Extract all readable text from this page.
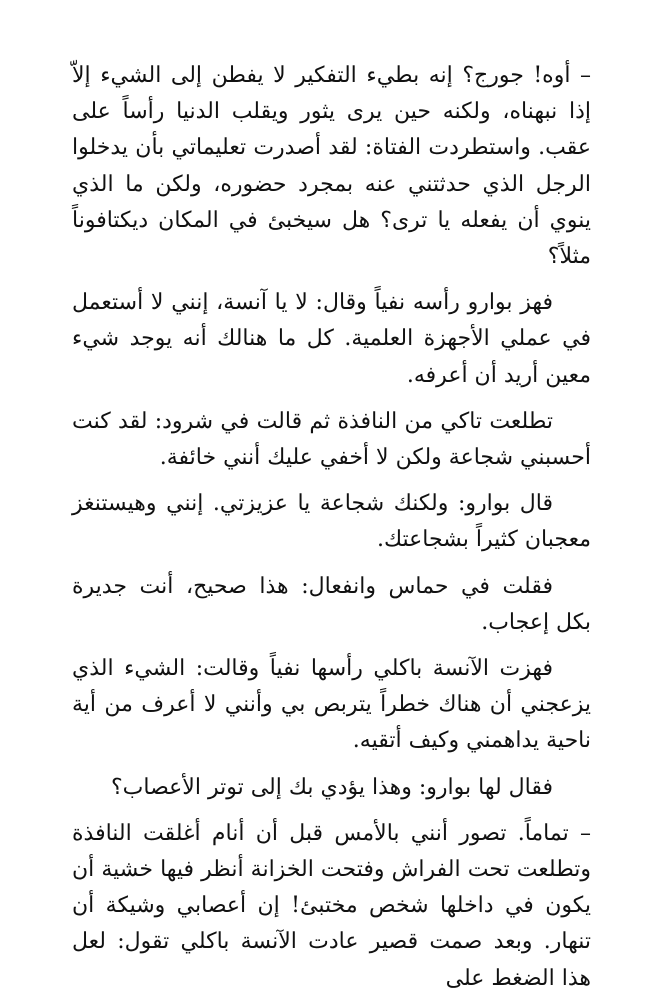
– أوه! جورج؟ إنه بطيء التفكير لا يفطن إلى الشيء إلاّ إذا نبهناه، ولكنه حين يرى يثور ويقلب الدنيا رأساً على عقب. واستطردت الفتاة: لقد أصدرت تعليماتي بأن يدخلوا الرجل الذي حدثتني عنه بمجرد حضوره، ولكن ما الذي ينوي أن يفعله يا ترى؟ هل سيخبئ في المكان ديكتافوناً مثلاً؟

فهز بوارو رأسه نفياً وقال: لا يا آنسة، إنني لا أستعمل في عملي الأجهزة العلمية. كل ما هنالك أنه يوجد شيء معين أريد أن أعرفه.

تطلعت تاكي من النافذة ثم قالت في شرود: لقد كنت أحسبني شجاعة ولكن لا أخفي عليك أنني خائفة.

قال بوارو: ولكنك شجاعة يا عزيزتي. إنني وهيستنغز معجبان كثيراً بشجاعتك.

فقلت في حماس وانفعال: هذا صحيح، أنت جديرة بكل إعجاب.

فهزت الآنسة باكلي رأسها نفياً وقالت: الشيء الذي يزعجني أن هناك خطراً يتربص بي وأنني لا أعرف من أية ناحية يداهمني وكيف أتقيه.

فقال لها بوارو: وهذا يؤدي بك إلى توتر الأعصاب؟

– تماماً. تصور أنني بالأمس قبل أن أنام أغلقت النافذة وتطلعت تحت الفراش وفتحت الخزانة أنظر فيها خشية أن يكون في داخلها شخص مختبئ! إن أعصابي وشيكة أن تنهار. وبعد صمت قصير عادت الآنسة باكلي تقول: لعل هذا الضغط على
